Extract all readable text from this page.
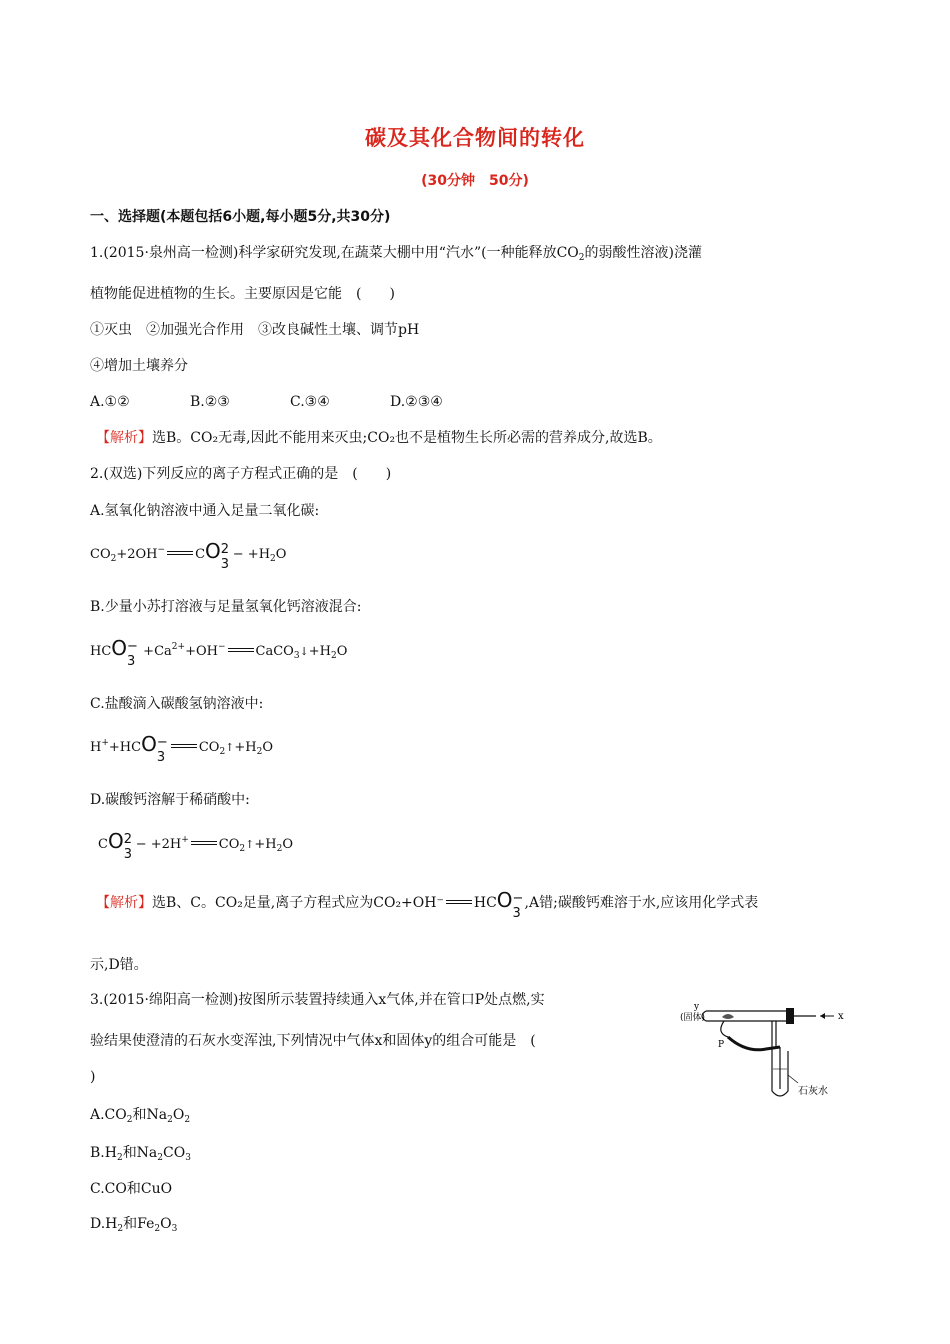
碳及其化合物间的转化
(30分钟　50分)
一、选择题(本题包括6小题,每小题5分,共30分)
1.(2015·泉州高一检测)科学家研究发现,在蔬菜大棚中用“汽水”(一种能释放$CO_2$的弱酸性溶液)浇灌
植物能促进植物的生长。主要原因是它能　(　　)
①灭虫　②加强光合作用　③改良碱性土壤、调节pH
④增加土壤养分
A.①②	B.②③	C.③④	D.②③④
【解析】选B。CO₂无毒,因此不能用来灭虫;CO₂也不是植物生长所必需的营养成分,故选B。
2.(双选)下列反应的离子方程式正确的是　(　　)
A.氢氧化钠溶液中通入足量二氧化碳:
$CO_2+2OH^-$ CO 2
3
− $+H_2O$
B.少量小苏打溶液与足量氢氧化钙溶液混合:
HCO −
3
$+Ca^{2+}+OH^-$ $CaCO_3↓+H_2O$
C.盐酸滴入碳酸氢钠溶液中:
H++HCO −
3
$CO_2↑+H_2O$
D.碳酸钙溶解于稀硝酸中:
CO 2
3
− +2H+ $CO_2↑+H_2O$
【解析】选B、C。CO₂足量,离子方程式应为CO₂+OH⁻ HCO −
3
,A错;碳酸钙难溶于水,应该用化学式表
示,D错。
3.(2015·绵阳高一检测)按图所示装置持续通入x气体,并在管口P处点燃,实
验结果使澄清的石灰水变浑浊,下列情况中气体x和固体y的组合可能是　(
)
$A.CO_2$和$Na_2O_2$
$B.H_2$和$Na_2CO_3$
C.CO和CuO
$D.H_2$和$Fe_2O_3$
y
(固体)
P
x
石灰水
